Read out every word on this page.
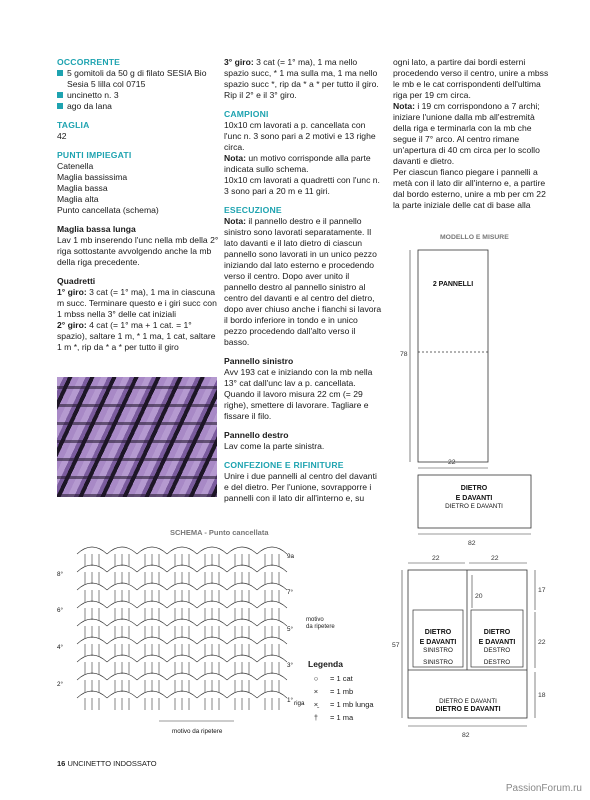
OCCORRENTE
5 gomitoli da 50 g di filato SESIA Bio Sesia 5 lilla col 0715
uncinetto n. 3
ago da lana
TAGLIA

42

PUNTI IMPIEGATI

Catenella

Maglia bassissima

Maglia bassa

Maglia alta

Punto cancellata (schema)

Maglia bassa lunga

Lav 1 mb inserendo l'unc nella mb della 2° riga sottostante avvolgendo anche la mb della riga precedente.

Quadretti

1° giro: 3 cat (= 1° ma), 1 ma in ciascuna m succ. Terminare questo e i giri succ con 1 mbss nella 3° delle cat iniziali

2° giro: 4 cat (= 1° ma + 1 cat. = 1° spazio), saltare 1 m, * 1 ma, 1 cat, saltare 1 m *, rip da * a * per tutto il giro

3° giro: 3 cat (= 1° ma), 1 ma nello spazio succ, * 1 ma sulla ma, 1 ma nello spazio succ *, rip da * a * per tutto il giro.

Rip il 2° e il 3° giro.

CAMPIONI

10x10 cm lavorati a p. cancellata con l'unc n. 3 sono pari a 2 motivi e 13 righe circa.

Nota: un motivo corrisponde alla parte indicata sullo schema.

10x10 cm lavorati a quadretti con l'unc n. 3 sono pari a 20 m e 11 giri.

ESECUZIONE

Nota: il pannello destro e il pannello sinistro sono lavorati separatamente. Il lato davanti e il lato dietro di ciascun pannello sono lavorati in un unico pezzo iniziando dal lato esterno e procedendo verso il centro. Dopo aver unito il pannello destro al pannello sinistro al centro del davanti e al centro del dietro, dopo aver chiuso anche i fianchi si lavora il bordo inferiore in tondo e in unico pezzo procedendo dall'alto verso il basso.

Pannello sinistro

Avv 193 cat e iniziando con la mb nella 13° cat dall'unc lav a p. cancellata. Quando il lavoro misura 22 cm (= 29 righe), smettere di lavorare. Tagliare e fissare il filo.

Pannello destro

Lav come la parte sinistra.

CONFEZIONE E RIFINITURE

Unire i due pannelli al centro del davanti e del dietro. Per l'unione, sovrapporre i pannelli con il lato dir all'interno e, su

ogni lato, a partire dai bordi esterni procedendo verso il centro, unire a mbss le mb e le cat corrispondenti dell'ultima riga per 19 cm circa.

Nota: i 19 cm corrispondono a 7 archi; iniziare l'unione dalla mb all'estremità della riga e terminarla con la mb che segue il 7° arco. Al centro rimane un'apertura di 40 cm circa per lo scollo davanti e dietro.

Per ciascun fianco piegare i pannelli a metà con il lato dir all'interno e, a partire dal bordo esterno, unire a mb per cm 22 la parte iniziale delle cat di base alla

MODELLO E MISURE
2 PANNELLI
78
22
DIETRO
E DAVANTI
DIETRO E DAVANTI
82
22	22
20
17
57	22
18
DIETRO
E DAVANTI
SINISTRO
SINISTRO
DIETRO
E DAVANTI
DESTRO
DESTRO
DIETRO E DAVANTI
DIETRO E DAVANTI
82
SCHEMA - Punto cancellata
8°
6°
4°
2°
9a
7°
5°
3°
1° riga
motivo da ripetere
motivo
da ripetere
Legenda
○	= 1 cat
×	= 1 mb
×̱	= 1 mb lunga
†	= 1 ma
16 UNCINETTO INDOSSATO
PassionForum.ru
